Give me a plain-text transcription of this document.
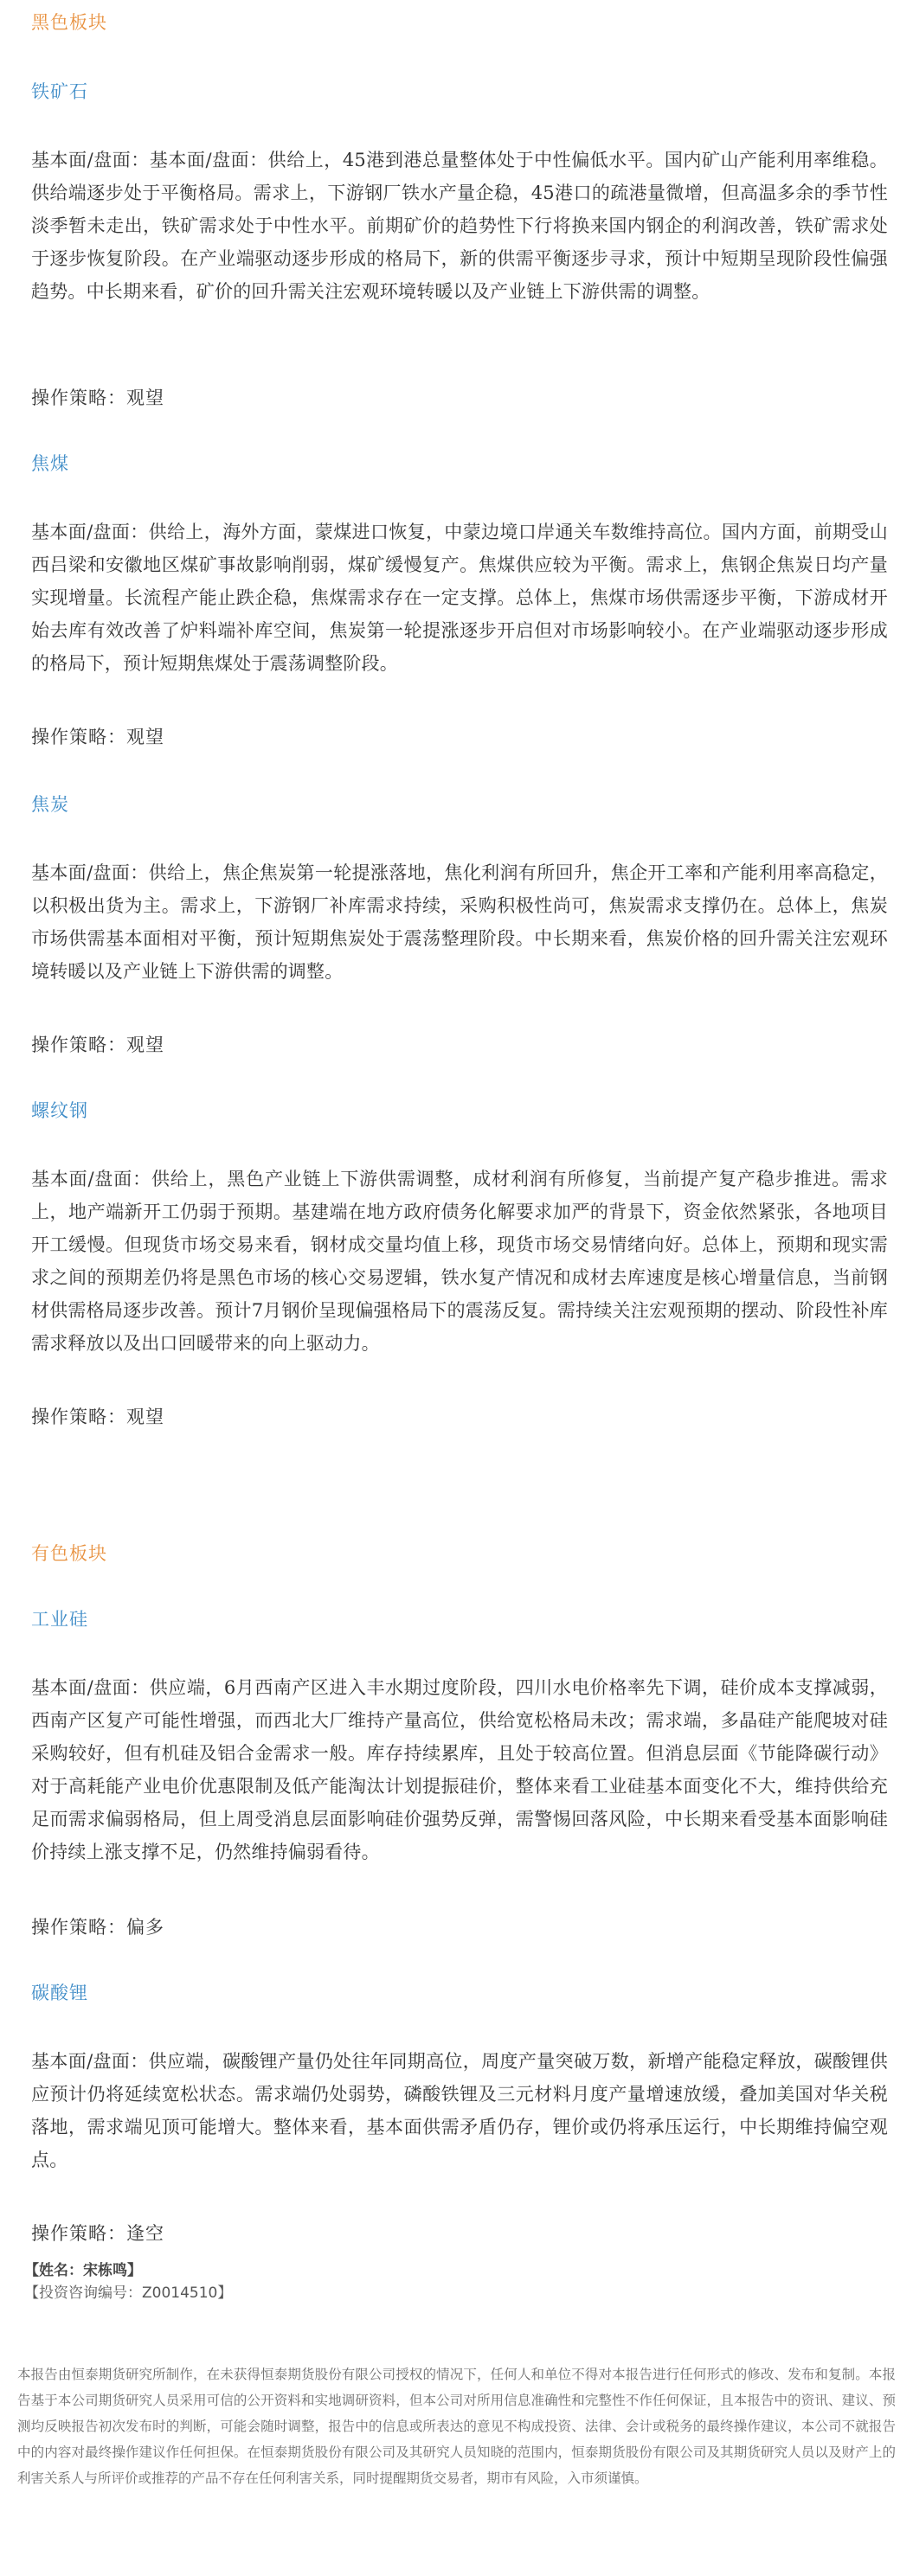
黑色板块
铁矿石
基本面/盘面：基本面/盘面：供给上，45港到港总量整体处于中性偏低水平。国内矿山产能利用率维稳。供给端逐步处于平衡格局。需求上，下游钢厂铁水产量企稳，45港口的疏港量微增，但高温多余的季节性淡季暂未走出，铁矿需求处于中性水平。前期矿价的趋势性下行将换来国内钢企的利润改善，铁矿需求处于逐步恢复阶段。在产业端驱动逐步形成的格局下，新的供需平衡逐步寻求，预计中短期呈现阶段性偏强趋势。中长期来看，矿价的回升需关注宏观环境转暖以及产业链上下游供需的调整。
操作策略：观望
焦煤
基本面/盘面：供给上，海外方面，蒙煤进口恢复，中蒙边境口岸通关车数维持高位。国内方面，前期受山西吕梁和安徽地区煤矿事故影响削弱，煤矿缓慢复产。焦煤供应较为平衡。需求上，焦钢企焦炭日均产量实现增量。长流程产能止跌企稳，焦煤需求存在一定支撑。总体上，焦煤市场供需逐步平衡，下游成材开始去库有效改善了炉料端补库空间，焦炭第一轮提涨逐步开启但对市场影响较小。在产业端驱动逐步形成的格局下，预计短期焦煤处于震荡调整阶段。
操作策略：观望
焦炭
基本面/盘面：供给上，焦企焦炭第一轮提涨落地，焦化利润有所回升，焦企开工率和产能利用率高稳定，以积极出货为主。需求上，下游钢厂补库需求持续，采购积极性尚可，焦炭需求支撑仍在。总体上，焦炭市场供需基本面相对平衡，预计短期焦炭处于震荡整理阶段。中长期来看，焦炭价格的回升需关注宏观环境转暖以及产业链上下游供需的调整。
操作策略：观望
螺纹钢
基本面/盘面：供给上，黑色产业链上下游供需调整，成材利润有所修复，当前提产复产稳步推进。需求上，地产端新开工仍弱于预期。基建端在地方政府债务化解要求加严的背景下，资金依然紧张，各地项目开工缓慢。但现货市场交易来看，钢材成交量均值上移，现货市场交易情绪向好。总体上，预期和现实需求之间的预期差仍将是黑色市场的核心交易逻辑，铁水复产情况和成材去库速度是核心增量信息，当前钢材供需格局逐步改善。预计7月钢价呈现偏强格局下的震荡反复。需持续关注宏观预期的摆动、阶段性补库需求释放以及出口回暖带来的向上驱动力。
操作策略：观望
有色板块
工业硅
基本面/盘面：供应端，6月西南产区进入丰水期过度阶段，四川水电价格率先下调，硅价成本支撑减弱，西南产区复产可能性增强，而西北大厂维持产量高位，供给宽松格局未改；需求端，多晶硅产能爬坡对硅采购较好，但有机硅及铝合金需求一般。库存持续累库，且处于较高位置。但消息层面《节能降碳行动》对于高耗能产业电价优惠限制及低产能淘汰计划提振硅价，整体来看工业硅基本面变化不大，维持供给充足而需求偏弱格局，但上周受消息层面影响硅价强势反弹，需警惕回落风险，中长期来看受基本面影响硅价持续上涨支撑不足，仍然维持偏弱看待。
操作策略：偏多
碳酸锂
基本面/盘面：供应端，碳酸锂产量仍处往年同期高位，周度产量突破万数，新增产能稳定释放，碳酸锂供应预计仍将延续宽松状态。需求端仍处弱势，磷酸铁锂及三元材料月度产量增速放缓，叠加美国对华关税落地，需求端见顶可能增大。整体来看，基本面供需矛盾仍存，锂价或仍将承压运行，中长期维持偏空观点。
操作策略：逢空
【姓名：宋栋鸣】
【投资咨询编号：Z0014510】
本报告由恒泰期货研究所制作，在未获得恒泰期货股份有限公司授权的情况下，任何人和单位不得对本报告进行任何形式的修改、发布和复制。本报告基于本公司期货研究人员采用可信的公开资料和实地调研资料，但本公司对所用信息准确性和完整性不作任何保证，且本报告中的资讯、建议、预测均反映报告初次发布时的判断，可能会随时调整，报告中的信息或所表达的意见不构成投资、法律、会计或税务的最终操作建议，本公司不就报告中的内容对最终操作建议作任何担保。在恒泰期货股份有限公司及其研究人员知晓的范围内，恒泰期货股份有限公司及其期货研究人员以及财产上的利害关系人与所评价或推荐的产品不存在任何利害关系，同时提醒期货交易者，期市有风险，入市须谨慎。
